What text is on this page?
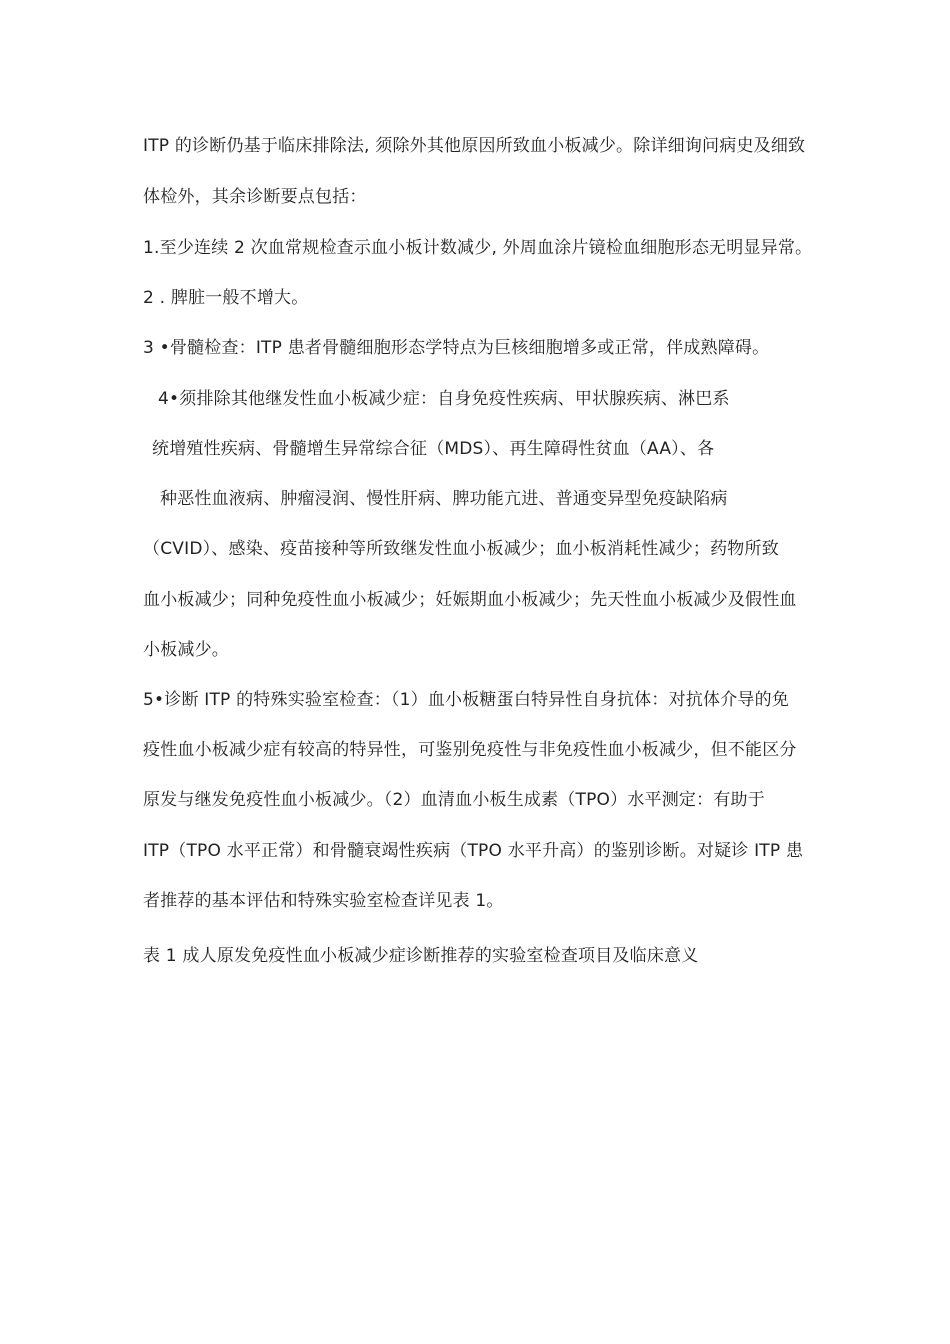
ITP 的诊断仍基于临床排除法, 须除外其他原因所致血小板减少。除详细询问病史及细致
体检外，其余诊断要点包括：
1.至少连续 2 次血常规检查示血小板计数减少, 外周血涂片镜检血细胞形态无明显异常。
2 . 脾脏一般不增大。
3 •骨髓检查：ITP 患者骨髓细胞形态学特点为巨核细胞增多或正常，伴成熟障碍。
4•须排除其他继发性血小板减少症：自身免疫性疾病、甲状腺疾病、淋巴系
统增殖性疾病、骨髓增生异常综合征（MDS）、再生障碍性贫血（AA）、各
种恶性血液病、肿瘤浸润、慢性肝病、脾功能亢进、普通变异型免疫缺陷病
（CVID）、感染、疫苗接种等所致继发性血小板减少；血小板消耗性减少；药物所致
血小板减少；同种免疫性血小板减少；妊娠期血小板减少；先天性血小板减少及假性血
小板减少。
5•诊断 ITP 的特殊实验室检查：（1）血小板糖蛋白特异性自身抗体：对抗体介导的免
疫性血小板减少症有较高的特异性，可鉴别免疫性与非免疫性血小板减少，但不能区分
原发与继发免疫性血小板减少。（2）血清血小板生成素（TPO）水平测定：有助于
ITP（TPO 水平正常）和骨髓衰竭性疾病（TPO 水平升高）的鉴别诊断。对疑诊 ITP 患
者推荐的基本评估和特殊实验室检查详见表 1。
表 1 成人原发免疫性血小板减少症诊断推荐的实验室检查项目及临床意义
